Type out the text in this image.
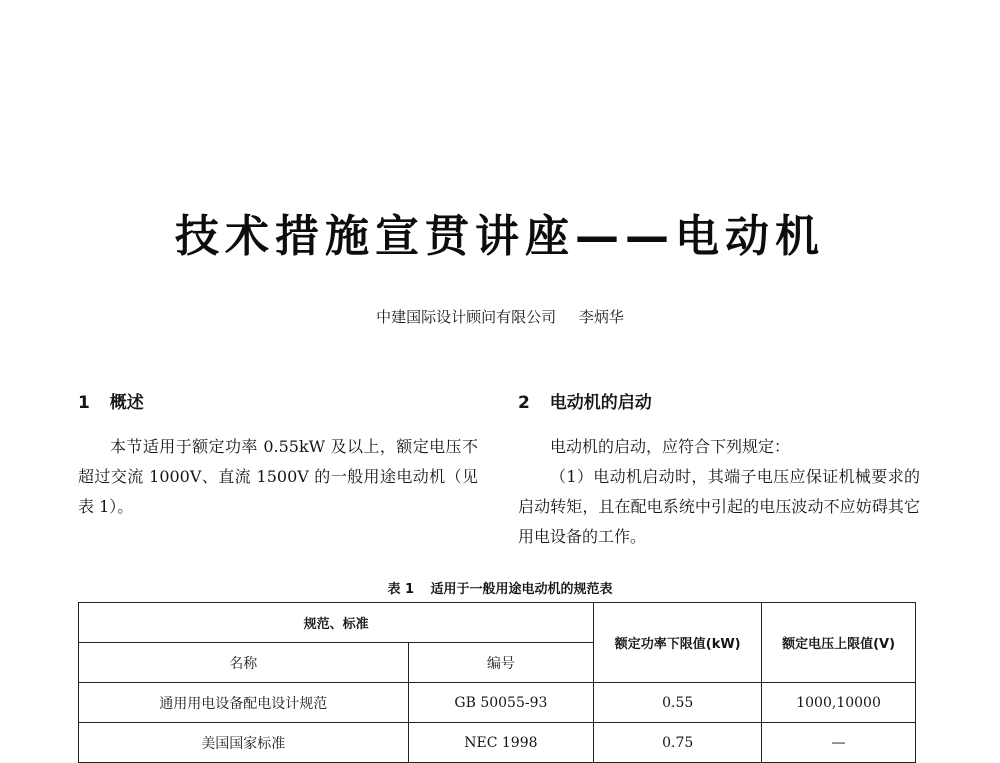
技术措施宣贯讲座——电动机
中建国际设计顾问有限公司 李炳华
1 概述

本节适用于额定功率 0.55kW 及以上，额定电压不超过交流 1000V、直流 1500V 的一般用途电动机（见表 1）。

2 电动机的启动

电动机的启动，应符合下列规定：

（1）电动机启动时，其端子电压应保证机械要求的启动转矩，且在配电系统中引起的电压波动不应妨碍其它用电设备的工作。

表 1 适用于一般用途电动机的规范表
规范、标准		额定功率下限值(kW)	额定电压上限值(V)
名称	编号		
通用用电设备配电设计规范	GB 50055-93	0.55	1000,10000
美国国家标准	NEC 1998	0.75	—
